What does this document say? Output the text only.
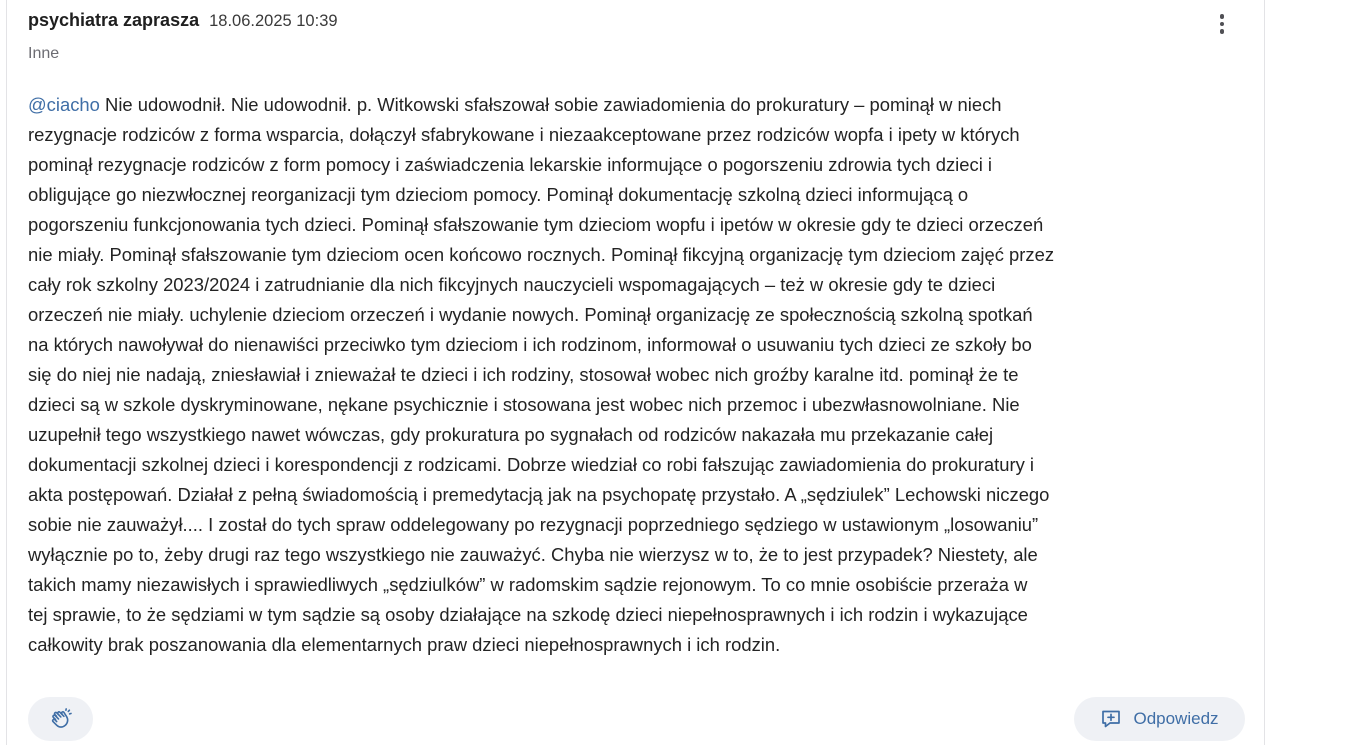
psychiatra zaprasza 18.06.2025 10:39
Inne
@ciacho Nie udowodnił. Nie udowodnił. p. Witkowski sfałszował sobie zawiadomienia do prokuratury – pominął w niech
rezygnacje rodziców z forma wsparcia, dołączył sfabrykowane i niezaakceptowane przez rodziców wopfa i ipety w których
pominął rezygnacje rodziców z form pomocy i zaświadczenia lekarskie informujące o pogorszeniu zdrowia tych dzieci i
obligujące go niezwłocznej reorganizacji tym dzieciom pomocy. Pominął dokumentację szkolną dzieci informującą o
pogorszeniu funkcjonowania tych dzieci. Pominął sfałszowanie tym dzieciom wopfu i ipetów w okresie gdy te dzieci orzeczeń
nie miały. Pominął sfałszowanie tym dzieciom ocen końcowo rocznych. Pominął fikcyjną organizację tym dzieciom zajęć przez
cały rok szkolny 2023/2024 i zatrudnianie dla nich fikcyjnych nauczycieli wspomagających – też w okresie gdy te dzieci
orzeczeń nie miały. uchylenie dzieciom orzeczeń i wydanie nowych. Pominął organizację ze społecznością szkolną spotkań
na których nawoływał do nienawiści przeciwko tym dzieciom i ich rodzinom, informował o usuwaniu tych dzieci ze szkoły bo
się do niej nie nadają, zniesławiał i znieważał te dzieci i ich rodziny, stosował wobec nich groźby karalne itd. pominął że te
dzieci są w szkole dyskryminowane, nękane psychicznie i stosowana jest wobec nich przemoc i ubezwłasnowolniane. Nie
uzupełnił tego wszystkiego nawet wówczas, gdy prokuratura po sygnałach od rodziców nakazała mu przekazanie całej
dokumentacji szkolnej dzieci i korespondencji z rodzicami. Dobrze wiedział co robi fałszując zawiadomienia do prokuratury i
akta postępowań. Działał z pełną świadomością i premedytacją jak na psychopatę przystało. A „sędziulek” Lechowski niczego
sobie nie zauważył.... I został do tych spraw oddelegowany po rezygnacji poprzedniego sędziego w ustawionym „losowaniu”
wyłącznie po to, żeby drugi raz tego wszystkiego nie zauważyć. Chyba nie wierzysz w to, że to jest przypadek? Niestety, ale
takich mamy niezawisłych i sprawiedliwych „sędziulków” w radomskim sądzie rejonowym. To co mnie osobiście przeraża w
tej sprawie, to że sędziami w tym sądzie są osoby działające na szkodę dzieci niepełnosprawnych i ich rodzin i wykazujące
całkowity brak poszanowania dla elementarnych praw dzieci niepełnosprawnych i ich rodzin.
Odpowiedz
